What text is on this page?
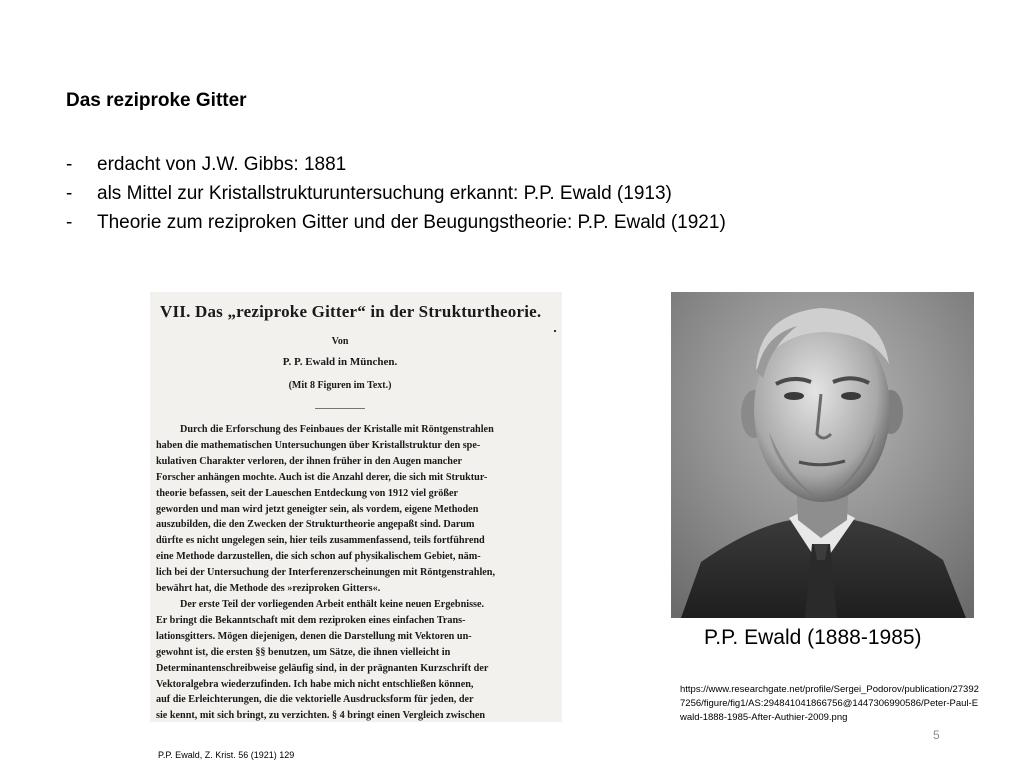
Das reziproke Gitter
-	erdacht von J.W. Gibbs: 1881
-	als Mittel zur Kristallstrukturuntersuchung erkannt: P.P. Ewald (1913)
-	Theorie zum reziproken Gitter und der Beugungstheorie: P.P. Ewald (1921)
VII. Das „reziproke Gitter“ in der Strukturtheorie.
Von
P. P. Ewald in München.
(Mit 8 Figuren im Text.)
Durch die Erforschung des Feinbaues der Kristalle mit Röntgenstrahlen
haben die mathematischen Untersuchungen über Kristallstruktur den spe-
kulativen Charakter verloren, der ihnen früher in den Augen mancher
Forscher anhängen mochte. Auch ist die Anzahl derer, die sich mit Struktur-
theorie befassen, seit der Laueschen Entdeckung von 1912 viel größer
geworden und man wird jetzt geneigter sein, als vordem, eigene Methoden
auszubilden, die den Zwecken der Strukturtheorie angepaßt sind. Darum
dürfte es nicht ungelegen sein, hier teils zusammenfassend, teils fortführend
eine Methode darzustellen, die sich schon auf physikalischem Gebiet, näm-
lich bei der Untersuchung der Interferenzerscheinungen mit Röntgenstrahlen,
bewährt hat, die Methode des »reziproken Gitters«.
Der erste Teil der vorliegenden Arbeit enthält keine neuen Ergebnisse.
Er bringt die Bekanntschaft mit dem reziproken eines einfachen Trans-
lationsgitters. Mögen diejenigen, denen die Darstellung mit Vektoren un-
gewohnt ist, die ersten §§ benutzen, um Sätze, die ihnen vielleicht in
Determinantenschreibweise geläufig sind, in der prägnanten Kurzschrift der
Vektoralgebra wiederzufinden. Ich habe mich nicht entschließen können,
auf die Erleichterungen, die die vektorielle Ausdrucksform für jeden, der
sie kennt, mit sich bringt, zu verzichten. § 4 bringt einen Vergleich zwischen
P.P. Ewald (1888-1985)
https://www.researchgate.net/profile/Sergei_Podorov/publication/273927256/figure/fig1/AS:294841041866756@1447306990586/Peter-Paul-Ewald-1888-1985-After-Authier-2009.png
P.P. Ewald, Z. Krist. 56 (1921) 129
5
